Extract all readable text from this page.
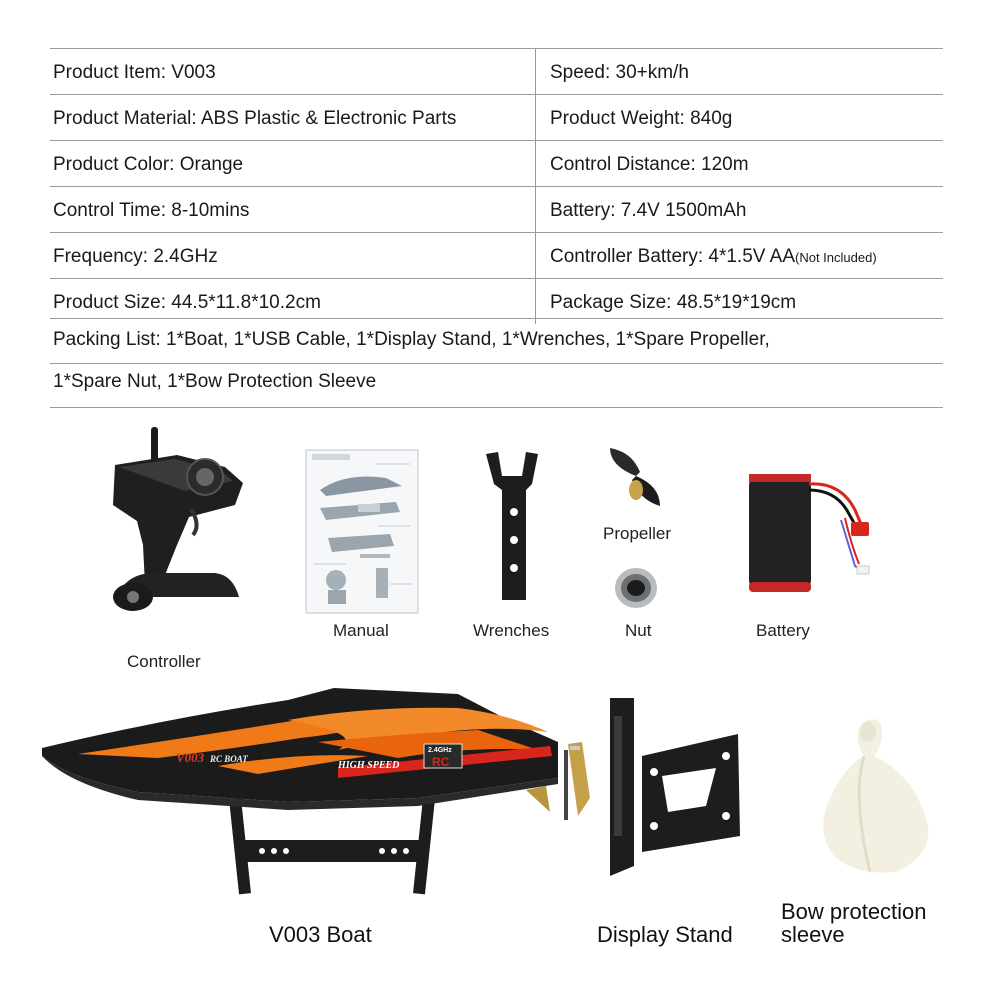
Product Item: V003	Speed: 30+km/h
Product Material: ABS Plastic & Electronic Parts	Product Weight: 840g
Product Color: Orange	Control Distance: 120m
Control Time: 8-10mins	Battery: 7.4V 1500mAh
Frequency: 2.4GHz	Controller Battery: 4*1.5V AA(Not Included)
Product Size: 44.5*11.8*10.2cm	Package Size: 48.5*19*19cm
Packing List: 1*Boat, 1*USB Cable, 1*Display Stand, 1*Wrenches, 1*Spare Propeller,
1*Spare Nut, 1*Bow Protection Sleeve
Controller
Manual	Wrenches
Propeller
Nut	Battery
V003 RC BOAT
HIGH SPEED
2.4GHz
RC
V003 Boat	Display Stand
Bow protection
sleeve
